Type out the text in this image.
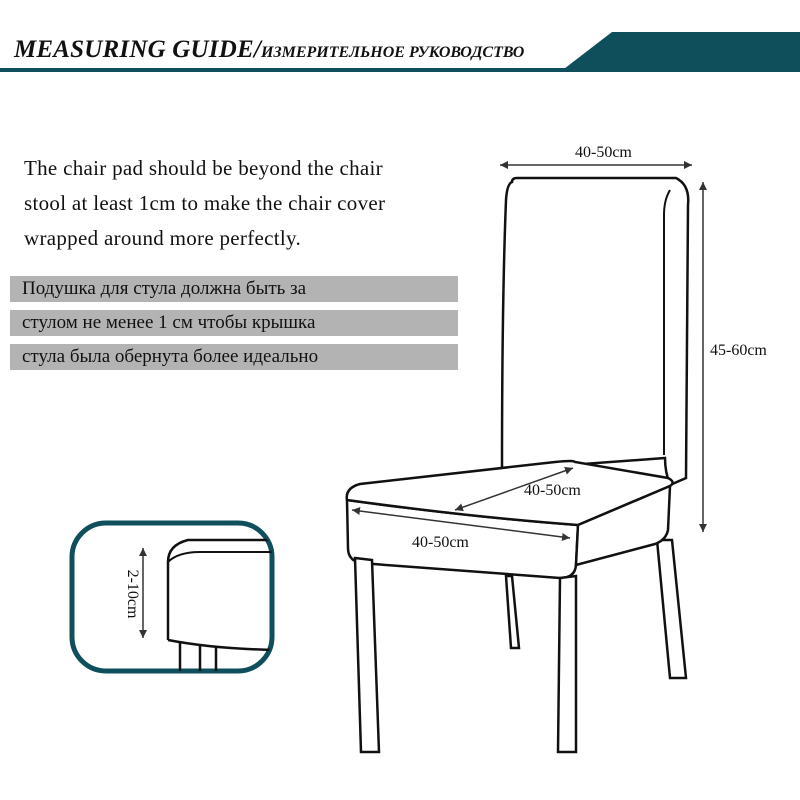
MEASURING GUIDE/ИЗМЕРИТЕЛЬНОЕ РУКОВОДСТВО
The chair pad should be beyond the chair
stool at least 1cm to make the chair cover
wrapped around more perfectly.
Подушка для стула должна быть за
стулом не менее 1 см чтобы крышка
стула была обернута более идеально
40-50cm
45-60cm
40-50cm
40-50cm
2-10cm
